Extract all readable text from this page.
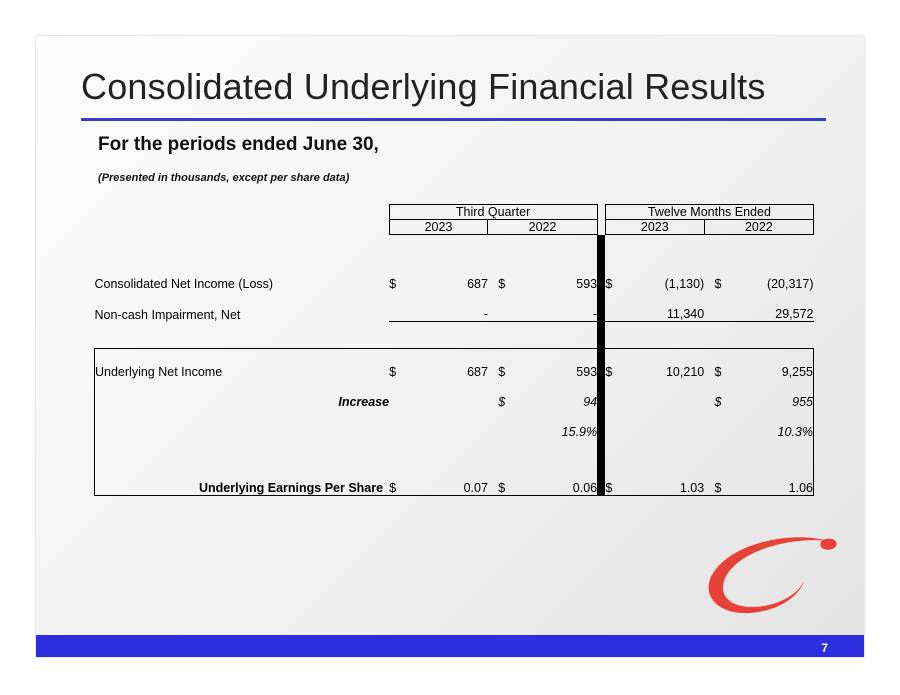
Consolidated Underlying Financial Results
For the periods ended June 30,
(Presented in thousands, except per share data)
	Third Quarter						Twelve Months Ended				
	2023		2022				2023		2022		

Consolidated Net Income (Loss)	$	687		$	593		$	(1,130)		$	(20,317)
Non-cash Impairment, Net		-			-			11,340			29,572

Underlying Net Income	$	687		$	593		$	10,210		$	9,255
Increase				$	94					$	955
					15.9%						10.3%

Underlying Earnings Per Share	$	0.07		$	0.06		$	1.03		$	1.06
7
